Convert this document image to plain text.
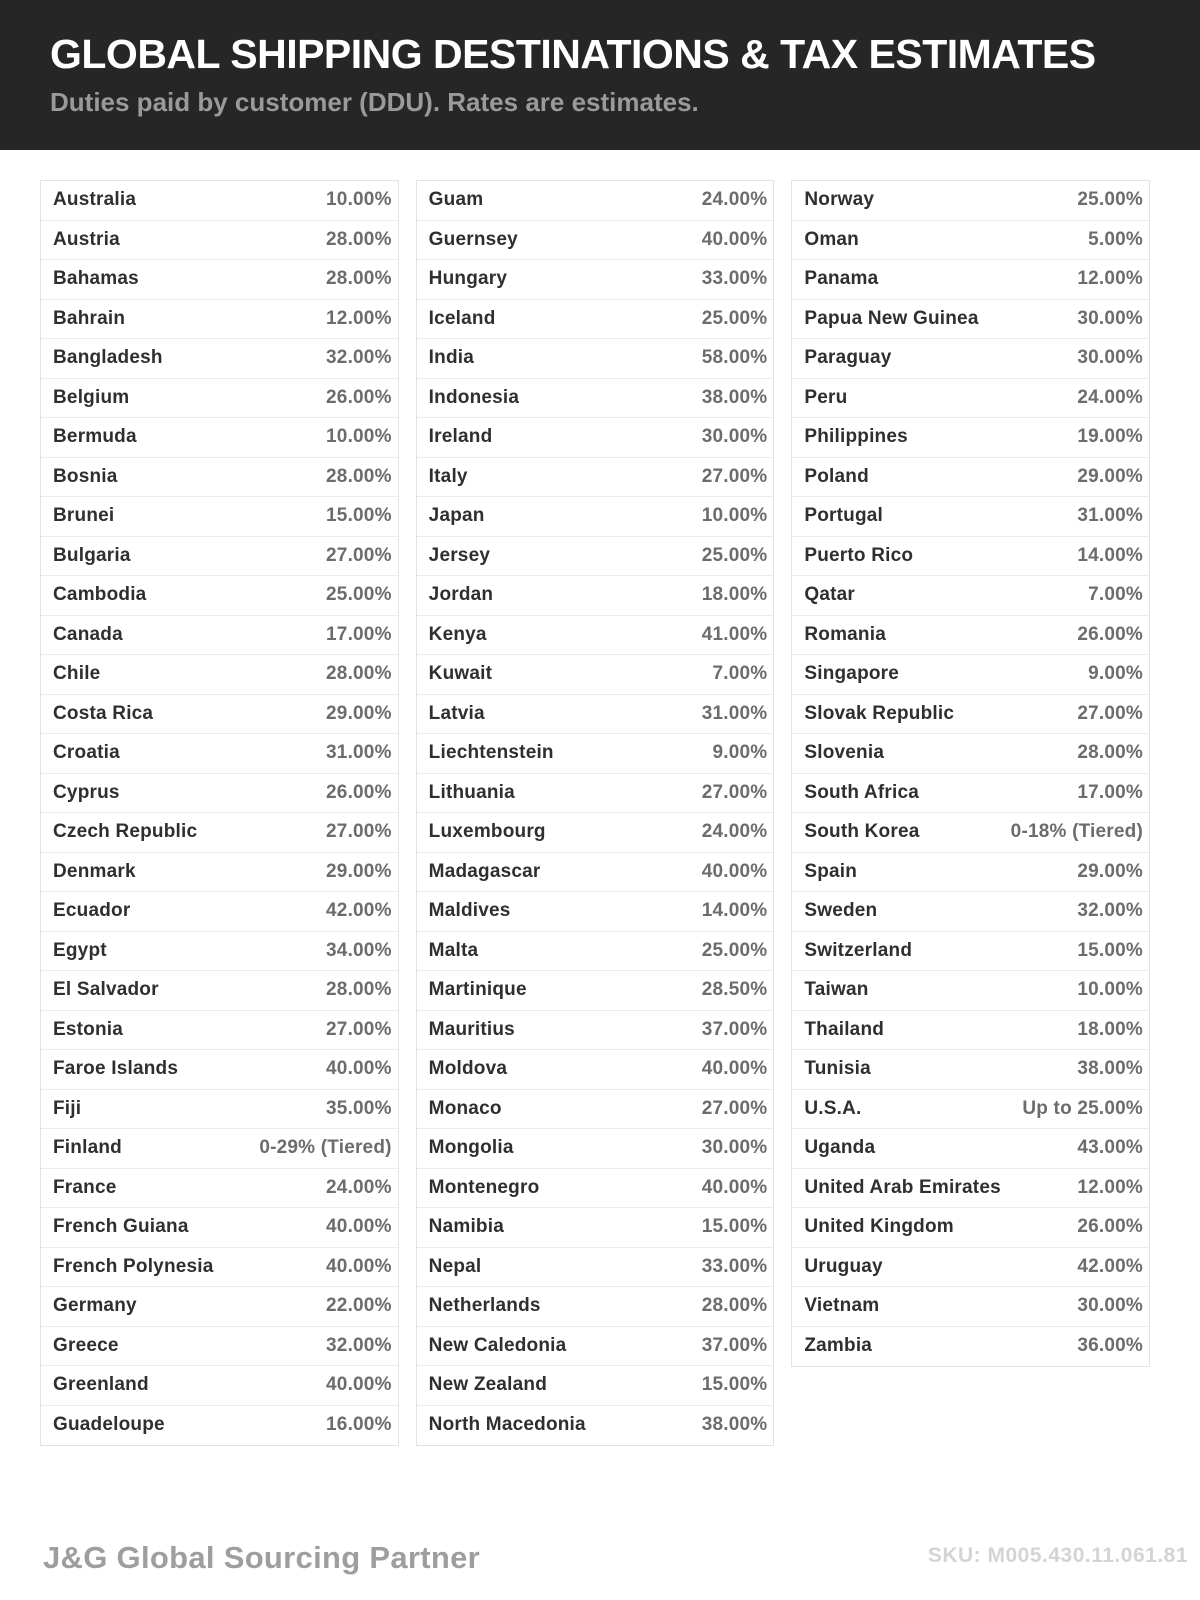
GLOBAL SHIPPING DESTINATIONS & TAX ESTIMATES
Duties paid by customer (DDU). Rates are estimates.
Australia	10.00%
Austria	28.00%
Bahamas	28.00%
Bahrain	12.00%
Bangladesh	32.00%
Belgium	26.00%
Bermuda	10.00%
Bosnia	28.00%
Brunei	15.00%
Bulgaria	27.00%
Cambodia	25.00%
Canada	17.00%
Chile	28.00%
Costa Rica	29.00%
Croatia	31.00%
Cyprus	26.00%
Czech Republic	27.00%
Denmark	29.00%
Ecuador	42.00%
Egypt	34.00%
El Salvador	28.00%
Estonia	27.00%
Faroe Islands	40.00%
Fiji	35.00%
Finland	0-29% (Tiered)
France	24.00%
French Guiana	40.00%
French Polynesia	40.00%
Germany	22.00%
Greece	32.00%
Greenland	40.00%
Guadeloupe	16.00%
Guam	24.00%
Guernsey	40.00%
Hungary	33.00%
Iceland	25.00%
India	58.00%
Indonesia	38.00%
Ireland	30.00%
Italy	27.00%
Japan	10.00%
Jersey	25.00%
Jordan	18.00%
Kenya	41.00%
Kuwait	7.00%
Latvia	31.00%
Liechtenstein	9.00%
Lithuania	27.00%
Luxembourg	24.00%
Madagascar	40.00%
Maldives	14.00%
Malta	25.00%
Martinique	28.50%
Mauritius	37.00%
Moldova	40.00%
Monaco	27.00%
Mongolia	30.00%
Montenegro	40.00%
Namibia	15.00%
Nepal	33.00%
Netherlands	28.00%
New Caledonia	37.00%
New Zealand	15.00%
North Macedonia	38.00%
Norway	25.00%
Oman	5.00%
Panama	12.00%
Papua New Guinea	30.00%
Paraguay	30.00%
Peru	24.00%
Philippines	19.00%
Poland	29.00%
Portugal	31.00%
Puerto Rico	14.00%
Qatar	7.00%
Romania	26.00%
Singapore	9.00%
Slovak Republic	27.00%
Slovenia	28.00%
South Africa	17.00%
South Korea	0-18% (Tiered)
Spain	29.00%
Sweden	32.00%
Switzerland	15.00%
Taiwan	10.00%
Thailand	18.00%
Tunisia	38.00%
U.S.A.	Up to 25.00%
Uganda	43.00%
United Arab Emirates	12.00%
United Kingdom	26.00%
Uruguay	42.00%
Vietnam	30.00%
Zambia	36.00%
J&G Global Sourcing Partner	SKU: M005.430.11.061.81
